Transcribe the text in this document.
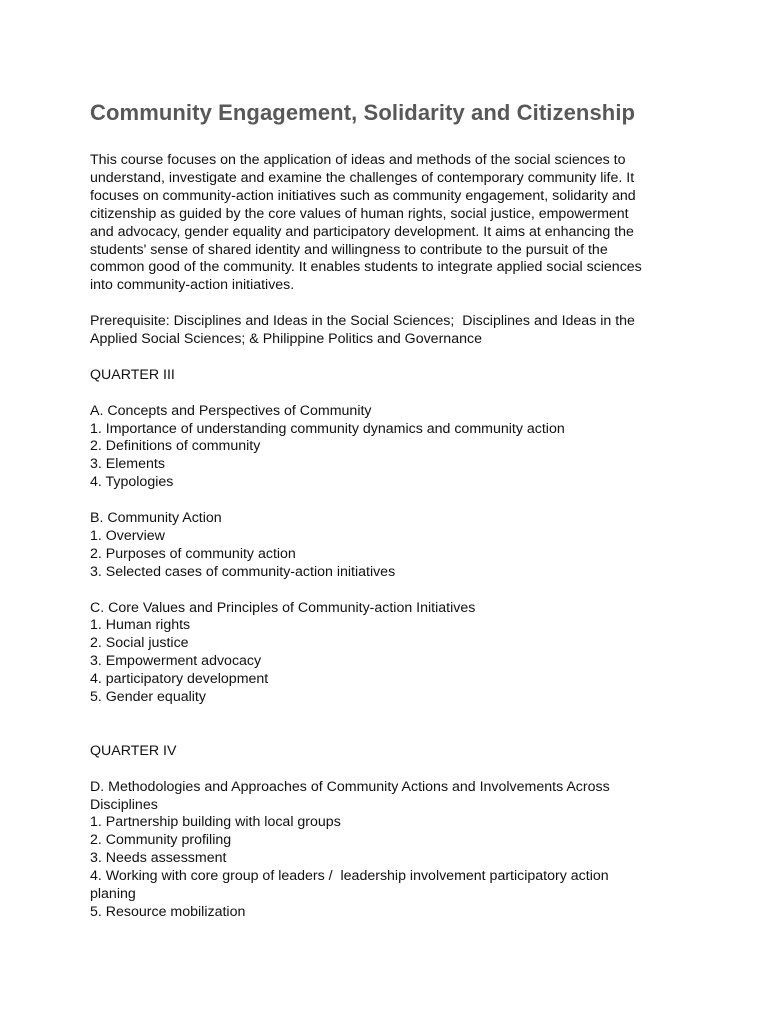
Community Engagement, Solidarity and Citizenship
This course focuses on the application of ideas and methods of the social sciences to
understand, investigate and examine the challenges of contemporary community life. It
focuses on community-action initiatives such as community engagement, solidarity and
citizenship as guided by the core values of human rights, social justice, empowerment
and advocacy, gender equality and participatory development. It aims at enhancing the
students' sense of shared identity and willingness to contribute to the pursuit of the
common good of the community. It enables students to integrate applied social sciences
into community-action initiatives.
Prerequisite: Disciplines and Ideas in the Social Sciences;  Disciplines and Ideas in the
Applied Social Sciences; & Philippine Politics and Governance
QUARTER III
A. Concepts and Perspectives of Community
1. Importance of understanding community dynamics and community action
2. Definitions of community
3. Elements
4. Typologies
B. Community Action
1. Overview
2. Purposes of community action
3. Selected cases of community-action initiatives
C. Core Values and Principles of Community-action Initiatives
1. Human rights
2. Social justice
3. Empowerment advocacy
4. participatory development
5. Gender equality
QUARTER IV
D. Methodologies and Approaches of Community Actions and Involvements Across
Disciplines
1. Partnership building with local groups
2. Community profiling
3. Needs assessment
4. Working with core group of leaders /  leadership involvement participatory action
planing
5. Resource mobilization
